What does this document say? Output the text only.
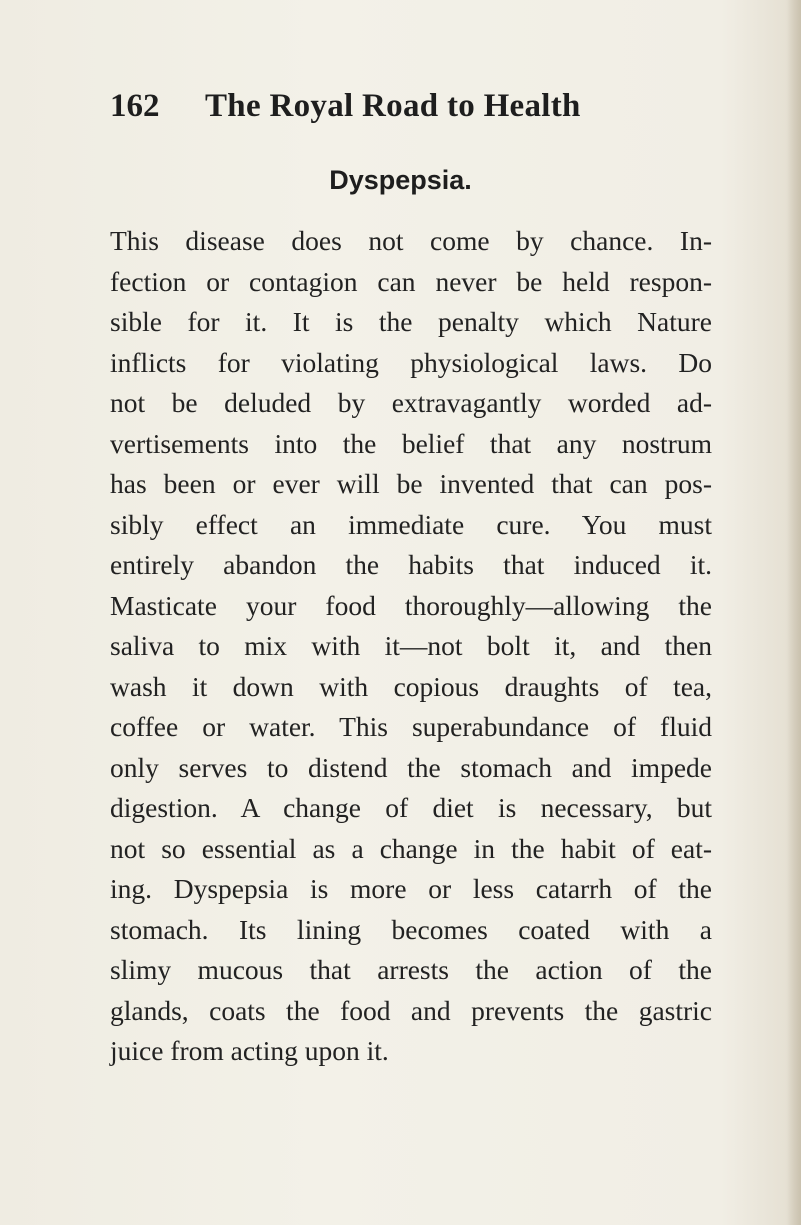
162 The Royal Road to Health
Dyspepsia.
This disease does not come by chance. In-
fection or contagion can never be held respon-
sible for it. It is the penalty which Nature
inflicts for violating physiological laws. Do
not be deluded by extravagantly worded ad-
vertisements into the belief that any nostrum
has been or ever will be invented that can pos-
sibly effect an immediate cure. You must
entirely abandon the habits that induced it.
Masticate your food thoroughly—allowing the
saliva to mix with it—not bolt it, and then
wash it down with copious draughts of tea,
coffee or water. This superabundance of fluid
only serves to distend the stomach and impede
digestion. A change of diet is necessary, but
not so essential as a change in the habit of eat-
ing. Dyspepsia is more or less catarrh of the
stomach. Its lining becomes coated with a
slimy mucous that arrests the action of the
glands, coats the food and prevents the gastric
juice from acting upon it.
